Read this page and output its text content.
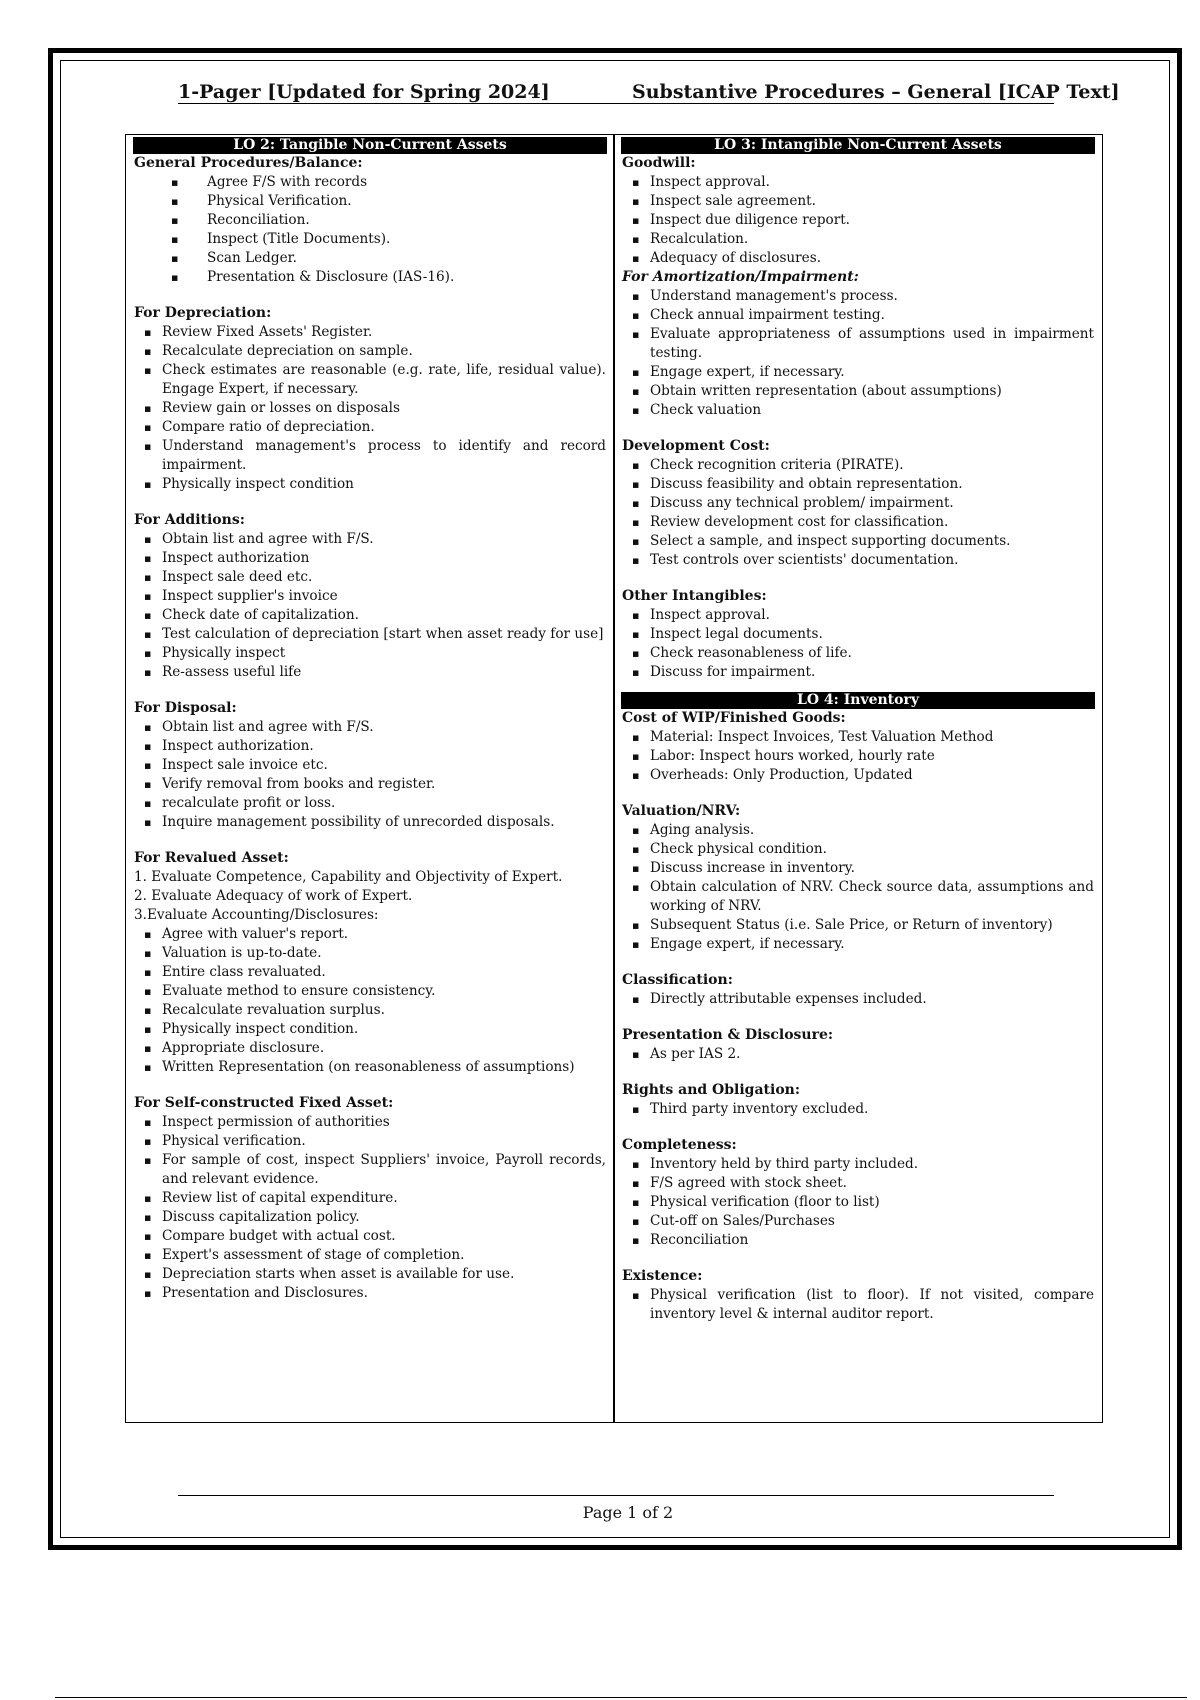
1-Pager [Updated for Spring 2024]	Substantive Procedures – General [ICAP Text]
LO 2: Tangible Non-Current Assets
General Procedures/Balance:
▪ Agree F/S with records
▪ Physical Verification.
▪ Reconciliation.
▪ Inspect (Title Documents).
▪ Scan Ledger.
▪ Presentation & Disclosure (IAS-16).
For Depreciation:
▪ Review Fixed Assets' Register.
▪ Recalculate depreciation on sample.
▪ Check estimates are reasonable (e.g. rate, life, residual value). Engage Expert, if necessary.
▪ Review gain or losses on disposals
▪ Compare ratio of depreciation.
▪ Understand management's process to identify and record impairment.
▪ Physically inspect condition
For Additions:
▪ Obtain list and agree with F/S.
▪ Inspect authorization
▪ Inspect sale deed etc.
▪ Inspect supplier's invoice
▪ Check date of capitalization.
▪ Test calculation of depreciation [start when asset ready for use]
▪ Physically inspect
▪ Re-assess useful life
For Disposal:
▪ Obtain list and agree with F/S.
▪ Inspect authorization.
▪ Inspect sale invoice etc.
▪ Verify removal from books and register.
▪ recalculate profit or loss.
▪ Inquire management possibility of unrecorded disposals.
For Revalued Asset:
1. Evaluate Competence, Capability and Objectivity of Expert.
2. Evaluate Adequacy of work of Expert.
3.Evaluate Accounting/Disclosures:
▪ Agree with valuer's report.
▪ Valuation is up-to-date.
▪ Entire class revaluated.
▪ Evaluate method to ensure consistency.
▪ Recalculate revaluation surplus.
▪ Physically inspect condition.
▪ Appropriate disclosure.
▪ Written Representation (on reasonableness of assumptions)
For Self-constructed Fixed Asset:
▪ Inspect permission of authorities
▪ Physical verification.
▪ For sample of cost, inspect Suppliers' invoice, Payroll records, and relevant evidence.
▪ Review list of capital expenditure.
▪ Discuss capitalization policy.
▪ Compare budget with actual cost.
▪ Expert's assessment of stage of completion.
▪ Depreciation starts when asset is available for use.
▪ Presentation and Disclosures.
LO 3: Intangible Non-Current Assets
Goodwill:
▪ Inspect approval.
▪ Inspect sale agreement.
▪ Inspect due diligence report.
▪ Recalculation.
▪ Adequacy of disclosures.
For Amortization/Impairment:
▪ Understand management's process.
▪ Check annual impairment testing.
▪ Evaluate appropriateness of assumptions used in impairment testing.
▪ Engage expert, if necessary.
▪ Obtain written representation (about assumptions)
▪ Check valuation
Development Cost:
▪ Check recognition criteria (PIRATE).
▪ Discuss feasibility and obtain representation.
▪ Discuss any technical problem/ impairment.
▪ Review development cost for classification.
▪ Select a sample, and inspect supporting documents.
▪ Test controls over scientists' documentation.
Other Intangibles:
▪ Inspect approval.
▪ Inspect legal documents.
▪ Check reasonableness of life.
▪ Discuss for impairment.
LO 4: Inventory
Cost of WIP/Finished Goods:
▪ Material: Inspect Invoices, Test Valuation Method
▪ Labor: Inspect hours worked, hourly rate
▪ Overheads: Only Production, Updated
Valuation/NRV:
▪ Aging analysis.
▪ Check physical condition.
▪ Discuss increase in inventory.
▪ Obtain calculation of NRV. Check source data, assumptions and working of NRV.
▪ Subsequent Status (i.e. Sale Price, or Return of inventory)
▪ Engage expert, if necessary.
Classification:
▪ Directly attributable expenses included.
Presentation & Disclosure:
▪ As per IAS 2.
Rights and Obligation:
▪ Third party inventory excluded.
Completeness:
▪ Inventory held by third party included.
▪ F/S agreed with stock sheet.
▪ Physical verification (floor to list)
▪ Cut-off on Sales/Purchases
▪ Reconciliation
Existence:
▪ Physical verification (list to floor). If not visited, compare inventory level & internal auditor report.
Page 1 of 2
